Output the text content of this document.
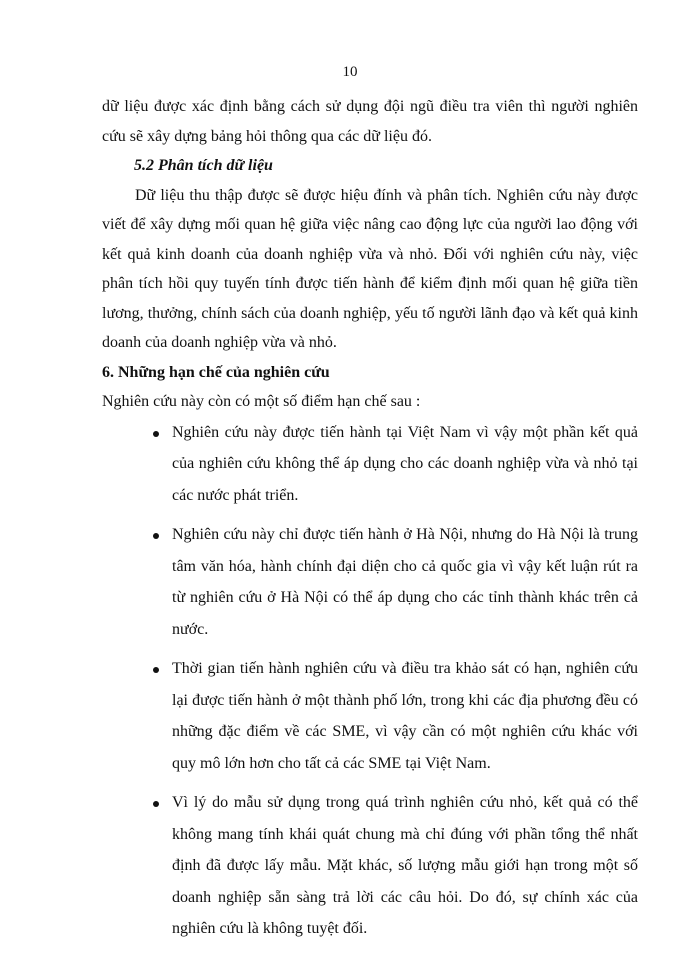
10

dữ liệu được xác định bằng cách sử dụng đội ngũ điều tra viên thì người nghiên cứu sẽ xây dựng bảng hỏi thông qua các dữ liệu đó.

5.2 Phân tích dữ liệu

Dữ liệu thu thập được sẽ được hiệu đính và phân tích. Nghiên cứu này được viết để xây dựng mối quan hệ giữa việc nâng cao động lực của người lao động với kết quả kinh doanh của doanh nghiệp vừa và nhỏ. Đối với nghiên cứu này, việc phân tích hồi quy tuyến tính được tiến hành để kiểm định mối quan hệ giữa tiền lương, thưởng, chính sách của doanh nghiệp, yếu tố người lãnh đạo và kết quả kinh doanh của doanh nghiệp vừa và nhỏ.

6. Những hạn chế của nghiên cứu

Nghiên cứu này còn có một số điểm hạn chế sau :

Nghiên cứu này được tiến hành tại Việt Nam vì vậy một phần kết quả của nghiên cứu không thể áp dụng cho các doanh nghiệp vừa và nhỏ tại các nước phát triển.
Nghiên cứu này chỉ được tiến hành ở Hà Nội, nhưng do Hà Nội là trung tâm văn hóa, hành chính đại diện cho cả quốc gia vì vậy kết luận rút ra từ nghiên cứu ở Hà Nội có thể áp dụng cho các tỉnh thành khác trên cả nước.
Thời gian tiến hành nghiên cứu và điều tra khảo sát có hạn, nghiên cứu lại được tiến hành ở một thành phố lớn, trong khi các địa phương đều có những đặc điểm về các SME, vì vậy cần có một nghiên cứu khác với quy mô lớn hơn cho tất cả các SME tại Việt Nam.
Vì lý do mẫu sử dụng trong quá trình nghiên cứu nhỏ, kết quả có thể không mang tính khái quát chung mà chỉ đúng với phần tổng thể nhất định đã được lấy mẫu. Mặt khác, số lượng mẫu giới hạn trong một số doanh nghiệp sẵn sàng trả lời các câu hỏi. Do đó, sự chính xác của nghiên cứu là không tuyệt đối.
